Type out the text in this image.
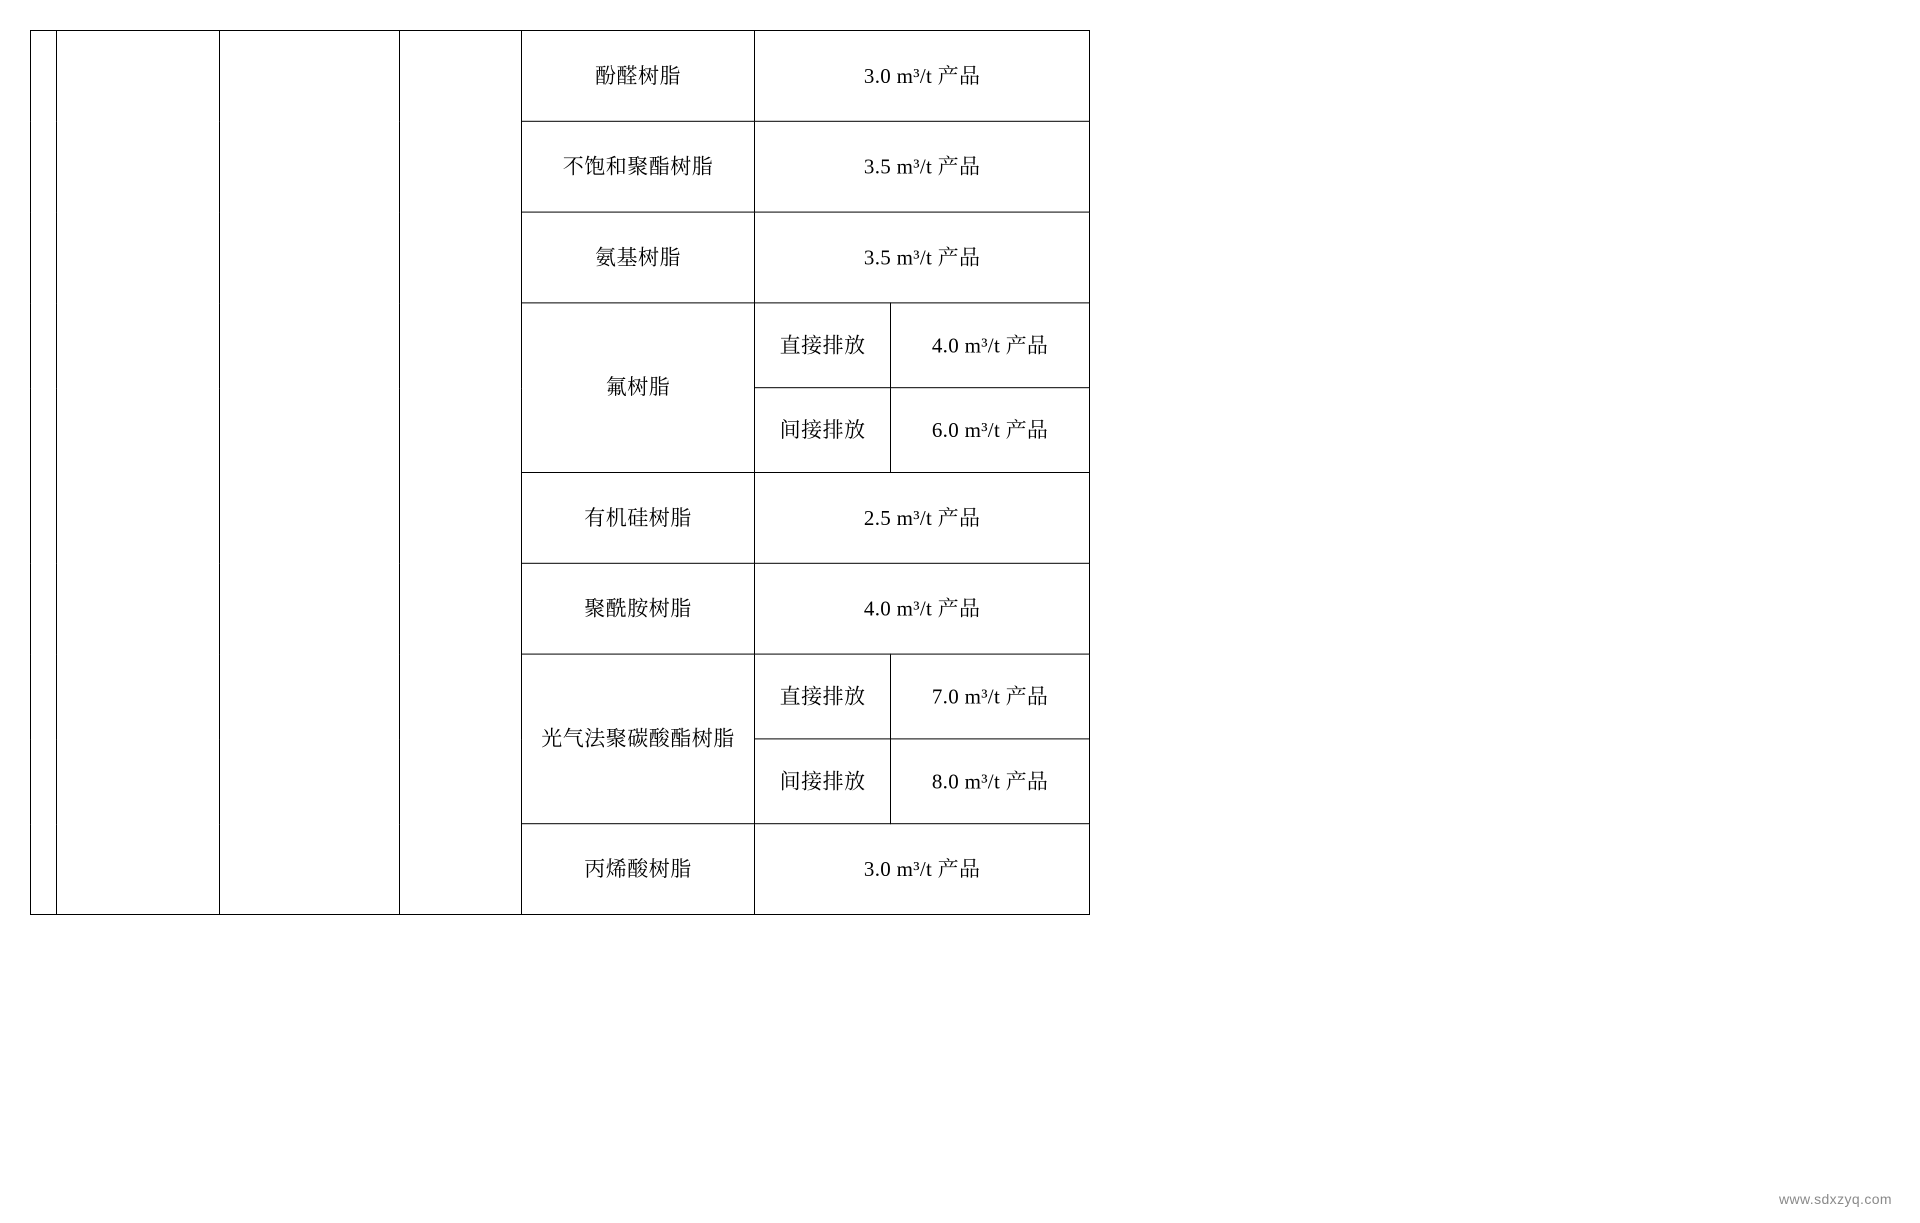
				酚醛树脂	3.0 m³/t 产品	

				不饱和聚酯树脂	3.5 m³/t 产品	

				氨基树脂	3.5 m³/t 产品	

				氟树脂	直接排放	4.0 m³/t 产品

					间接排放	6.0 m³/t 产品

				有机硅树脂	2.5 m³/t 产品	

				聚酰胺树脂	4.0 m³/t 产品	

				光气法聚碳酸酯树脂	直接排放	7.0 m³/t 产品

					间接排放	8.0 m³/t 产品

				丙烯酸树脂	3.0 m³/t 产品	
www.sdxzyq.com
